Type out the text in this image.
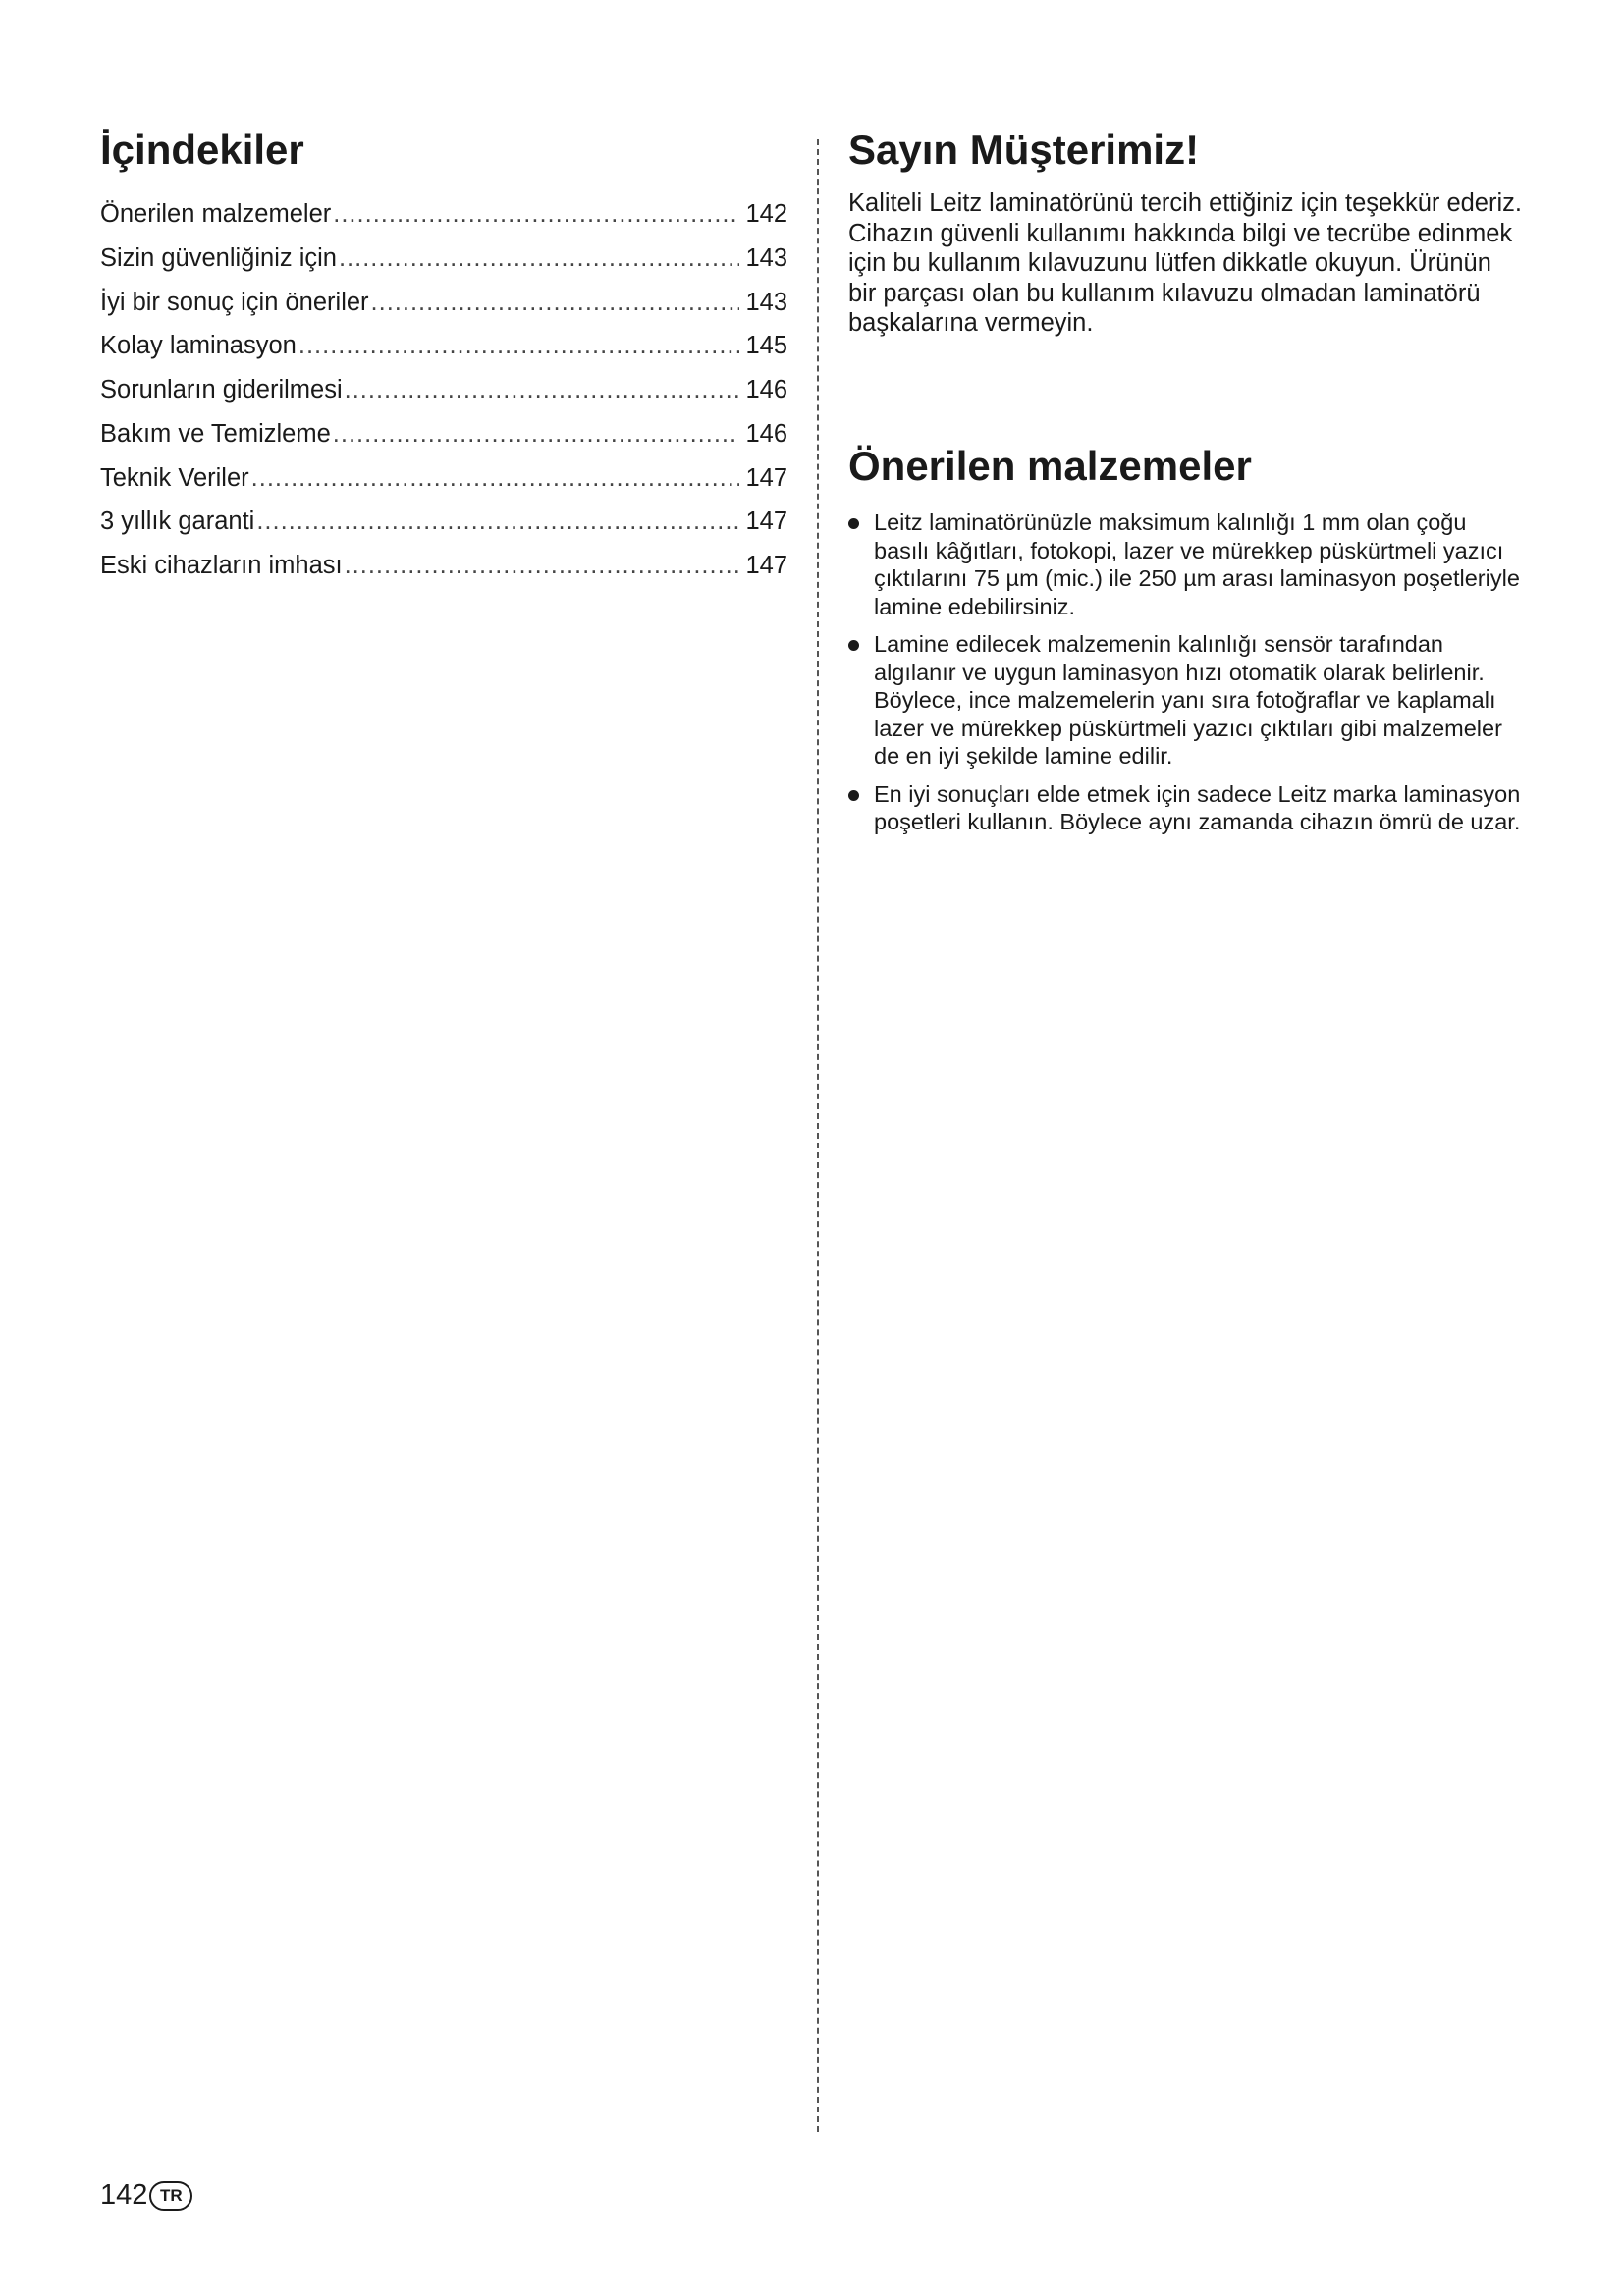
İçindekiler
Önerilen malzemeler .....	142
Sizin güvenliğiniz için .....	143
İyi bir sonuç için öneriler .....	143
Kolay laminasyon .....	145
Sorunların giderilmesi .....	146
Bakım ve Temizleme .....	146
Teknik Veriler .....	147
3 yıllık garanti .....	147
Eski cihazların imhası .....	147
Sayın Müşterimiz!

Kaliteli Leitz laminatörünü tercih ettiğiniz için teşekkür ederiz. Cihazın güvenli kullanımı hakkında bilgi ve tecrübe edinmek için bu kullanım kılavuzunu lütfen dikkatle okuyun. Ürünün bir parçası olan bu kullanım kılavuzu olmadan laminatörü başkalarına vermeyin.

Önerilen malzemeler
Leitz laminatörünüzle maksimum kalınlığı 1 mm olan çoğu basılı kâğıtları, fotokopi, lazer ve mürekkep püskürtmeli yazıcı çıktılarını 75 µm (mic.) ile 250 µm arası laminasyon poşetleriyle lamine edebilirsiniz.
Lamine edilecek malzemenin kalınlığı sensör tarafından algılanır ve uygun laminasyon hızı otomatik olarak belirlenir. Böylece, ince malzemelerin yanı sıra fotoğraflar ve kaplamalı lazer ve mürekkep püskürtmeli yazıcı çıktıları gibi malzemeler de en iyi şekilde lamine edilir.
En iyi sonuçları elde etmek için sadece Leitz marka laminasyon poşetleri kullanın. Böylece aynı zamanda cihazın ömrü de uzar.
142 TR
